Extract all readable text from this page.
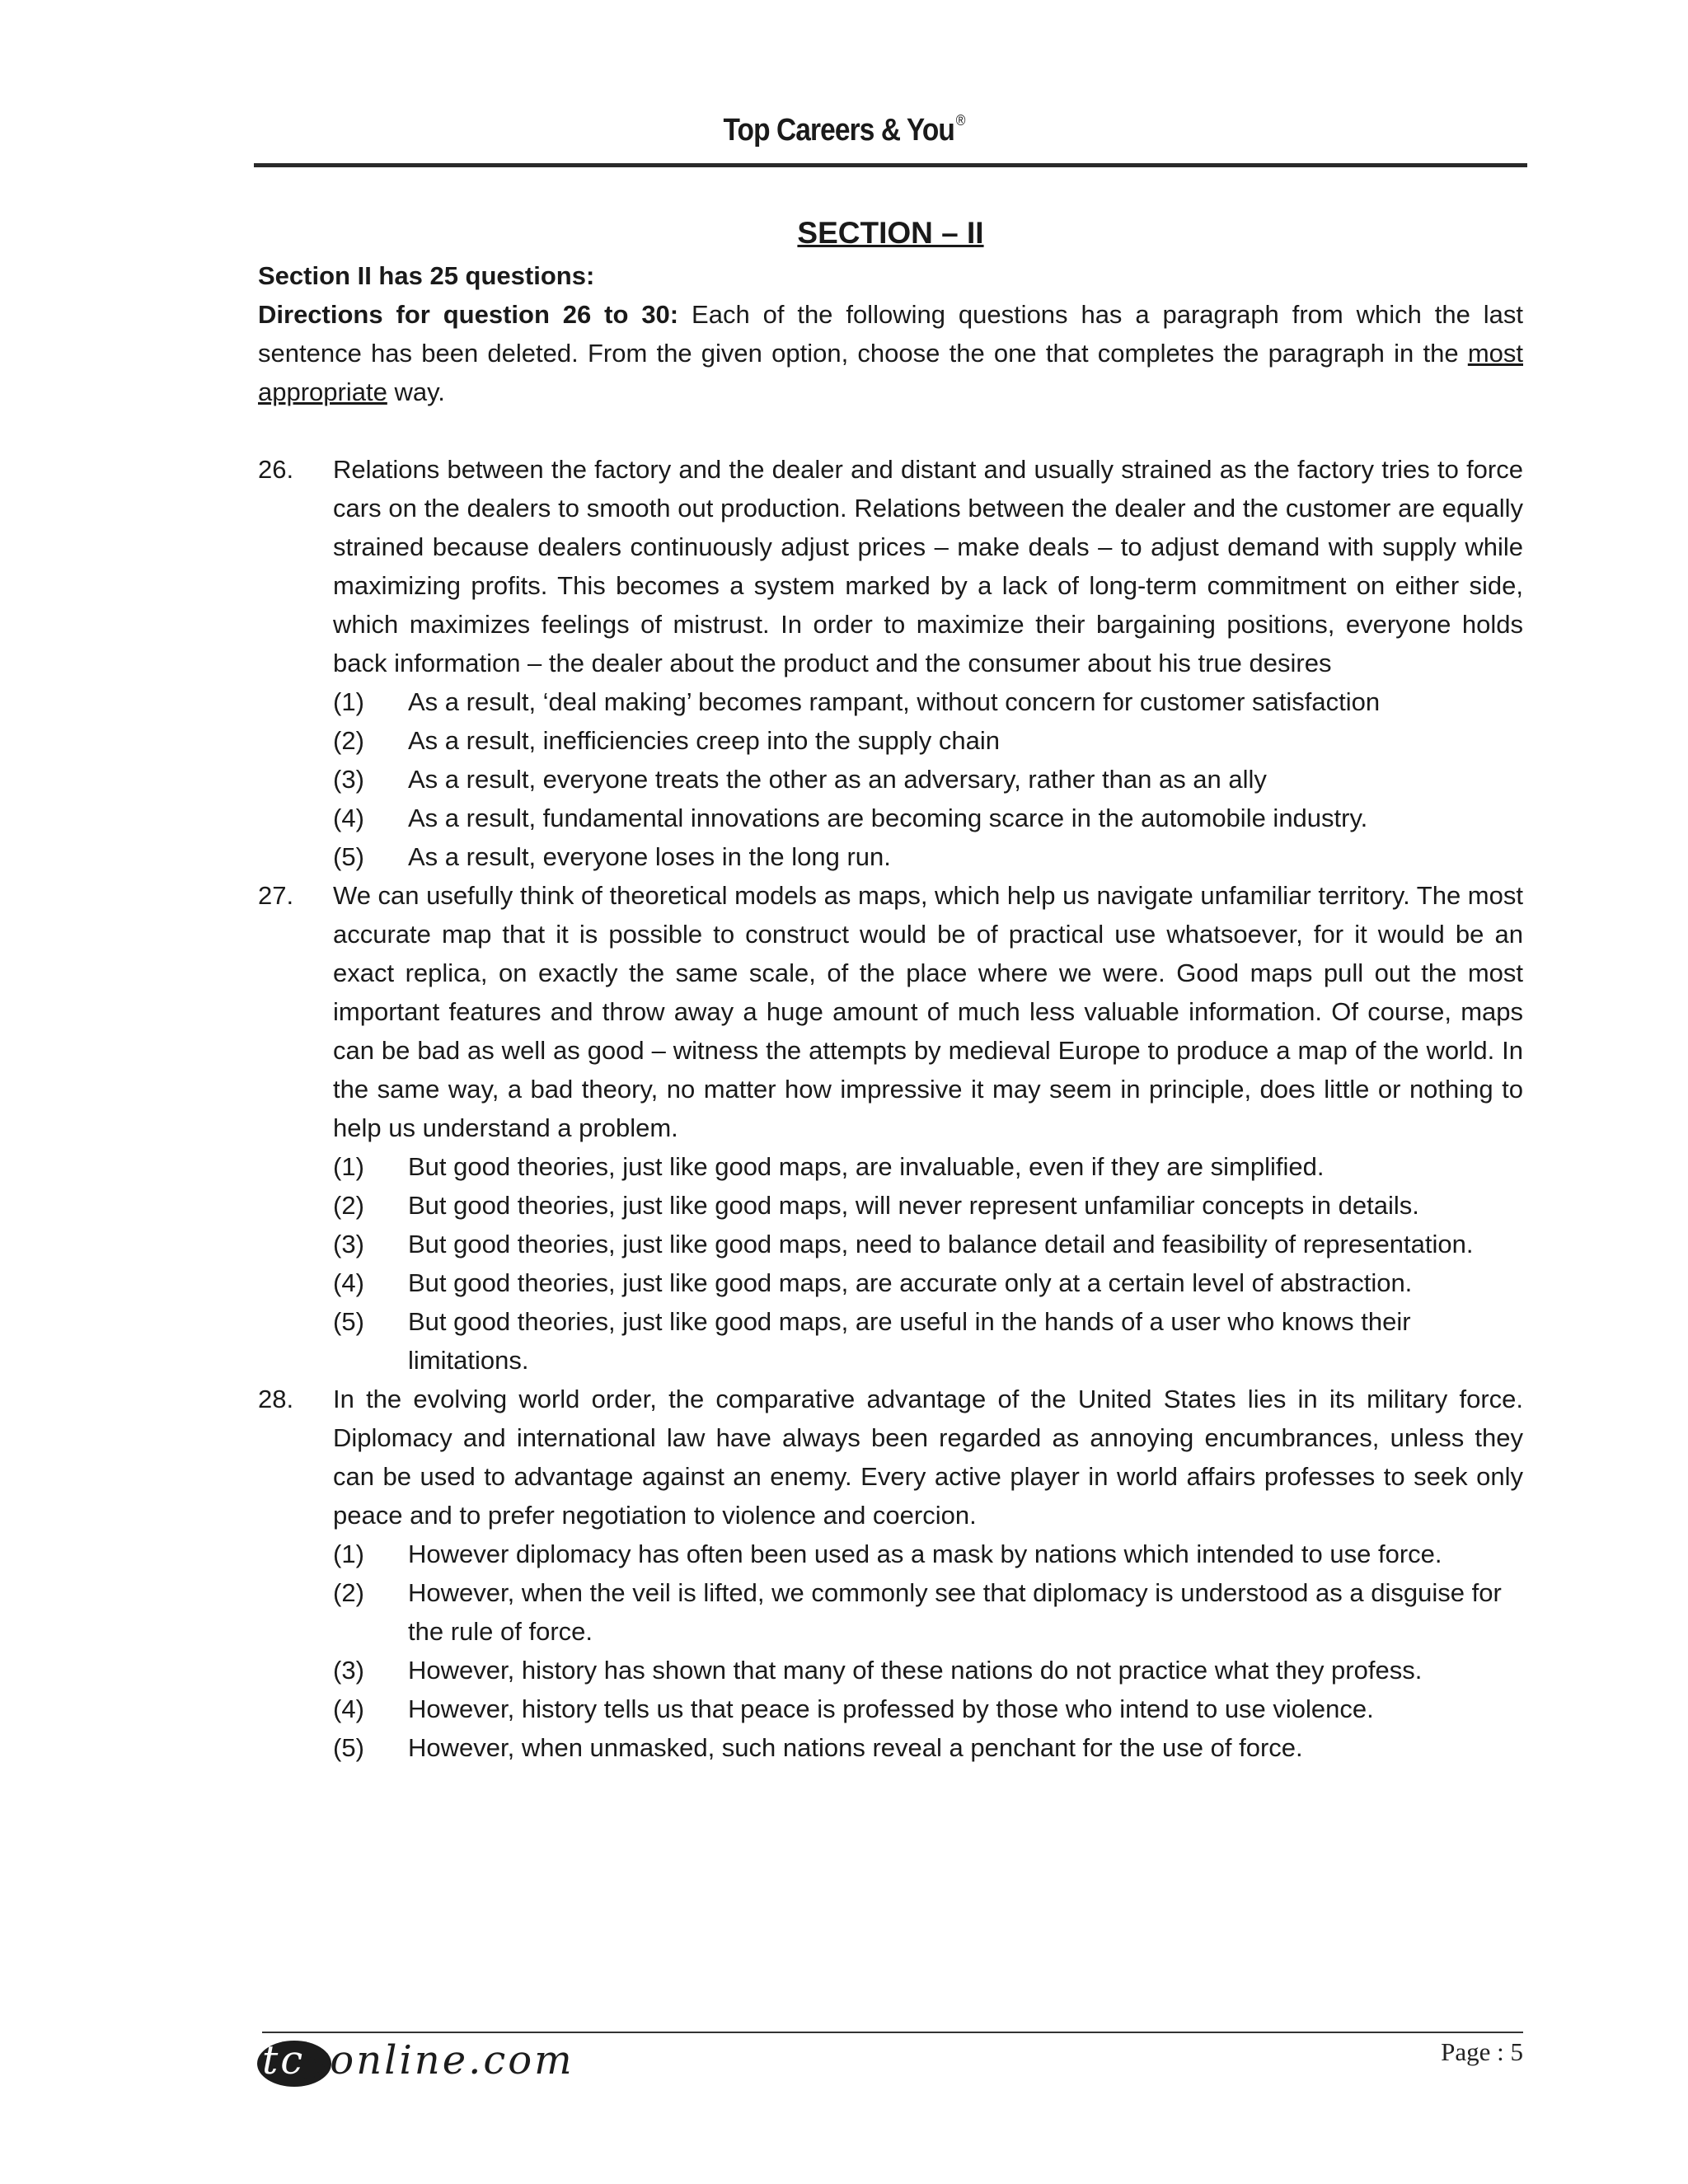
Top Careers & You®
SECTION – II
Section II has 25 questions:
Directions for question 26 to 30: Each of the following questions has a paragraph from which the last sentence has been deleted. From the given option, choose the one that completes the paragraph in the most appropriate way.
26. Relations between the factory and the dealer and distant and usually strained as the factory tries to force cars on the dealers to smooth out production. Relations between the dealer and the customer are equally strained because dealers continuously adjust prices – make deals – to adjust demand with supply while maximizing profits. This becomes a system marked by a lack of long-term commitment on either side, which maximizes feelings of mistrust. In order to maximize their bargaining positions, everyone holds back information – the dealer about the product and the consumer about his true desires
(1) As a result, ‘deal making’ becomes rampant, without concern for customer satisfaction
(2) As a result, inefficiencies creep into the supply chain
(3) As a result, everyone treats the other as an adversary, rather than as an ally
(4) As a result, fundamental innovations are becoming scarce in the automobile industry.
(5) As a result, everyone loses in the long run.
27. We can usefully think of theoretical models as maps, which help us navigate unfamiliar territory. The most accurate map that it is possible to construct would be of practical use whatsoever, for it would be an exact replica, on exactly the same scale, of the place where we were. Good maps pull out the most important features and throw away a huge amount of much less valuable information. Of course, maps can be bad as well as good – witness the attempts by medieval Europe to produce a map of the world. In the same way, a bad theory, no matter how impressive it may seem in principle, does little or nothing to help us understand a problem.
(1) But good theories, just like good maps, are invaluable, even if they are simplified.
(2) But good theories, just like good maps, will never represent unfamiliar concepts in details.
(3) But good theories, just like good maps, need to balance detail and feasibility of representation.
(4) But good theories, just like good maps, are accurate only at a certain level of abstraction.
(5) But good theories, just like good maps, are useful in the hands of a user who knows their limitations.
28. In the evolving world order, the comparative advantage of the United States lies in its military force. Diplomacy and international law have always been regarded as annoying encumbrances, unless they can be used to advantage against an enemy. Every active player in world affairs professes to seek only peace and to prefer negotiation to violence and coercion.
(1) However diplomacy has often been used as a mask by nations which intended to use force.
(2) However, when the veil is lifted, we commonly see that diplomacy is understood as a disguise for the rule of force.
(3) However, history has shown that many of these nations do not practice what they profess.
(4) However, history tells us that peace is professed by those who intend to use violence.
(5) However, when unmasked, such nations reveal a penchant for the use of force.
tcyonline.com	Page : 5
